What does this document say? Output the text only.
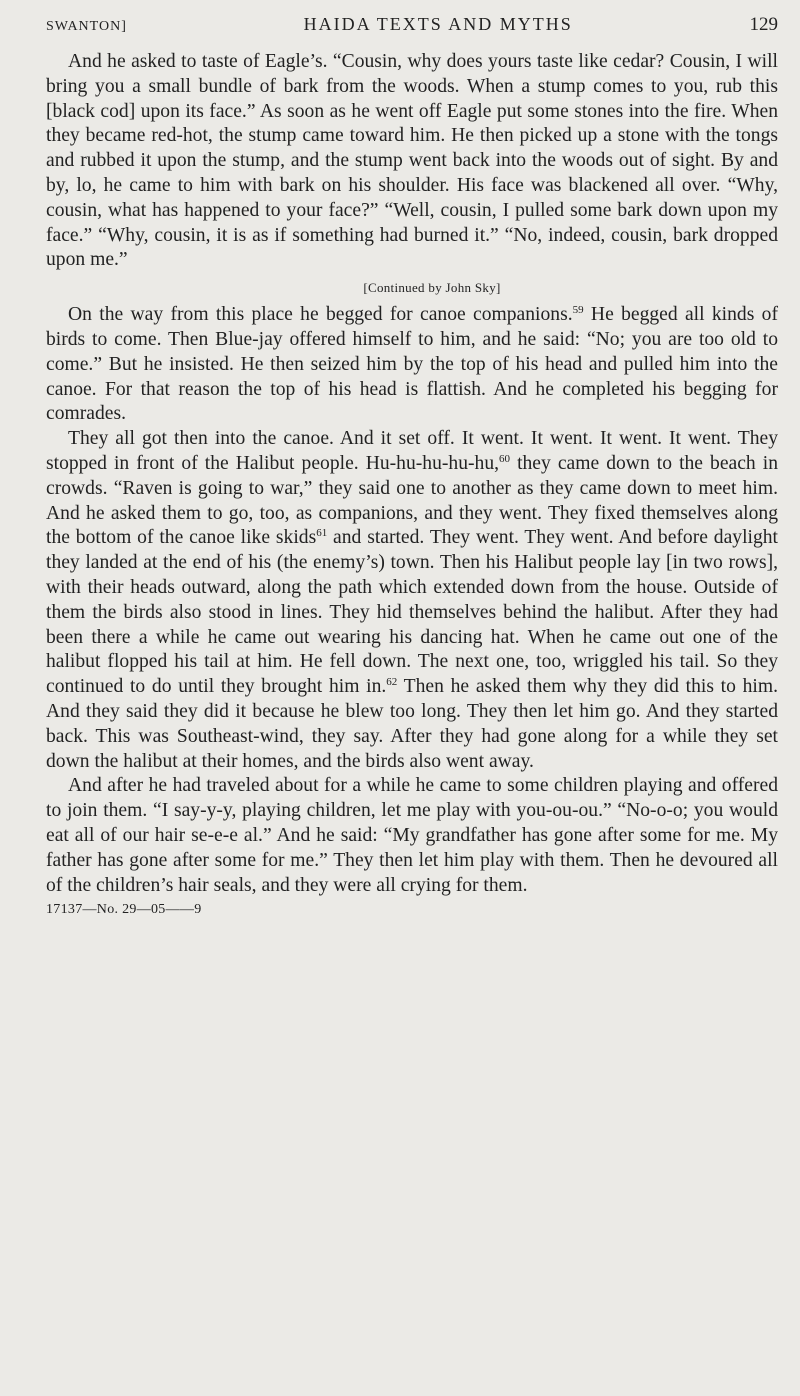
SWANTON]	HAIDA TEXTS AND MYTHS	129

And he asked to taste of Eagle’s. “Cousin, why does yours taste like cedar? Cousin, I will bring you a small bundle of bark from the woods. When a stump comes to you, rub this [black cod] upon its face.” As soon as he went off Eagle put some stones into the fire. When they became red-hot, the stump came toward him. He then picked up a stone with the tongs and rubbed it upon the stump, and the stump went back into the woods out of sight. By and by, lo, he came to him with bark on his shoulder. His face was blackened all over. “Why, cousin, what has happened to your face?” “Well, cousin, I pulled some bark down upon my face.” “Why, cousin, it is as if something had burned it.” “No, indeed, cousin, bark dropped upon me.”

[Continued by John Sky]

On the way from this place he begged for canoe companions.$^{59}$ He begged all kinds of birds to come. Then Blue-jay offered himself to him, and he said: “No; you are too old to come.” But he insisted. He then seized him by the top of his head and pulled him into the canoe. For that reason the top of his head is flattish. And he completed his begging for comrades.

They all got then into the canoe. And it set off. It went. It went. It went. It went. They stopped in front of the Halibut people. Hu-hu-hu-hu-hu,$^{60}$ they came down to the beach in crowds. “Raven is going to war,” they said one to another as they came down to meet him. And he asked them to go, too, as companions, and they went. They fixed themselves along the bottom of the canoe like skids$^{61}$ and started. They went. They went. And before daylight they landed at the end of his (the enemy’s) town. Then his Halibut people lay [in two rows], with their heads outward, along the path which extended down from the house. Outside of them the birds also stood in lines. They hid themselves behind the halibut. After they had been there a while he came out wearing his dancing hat. When he came out one of the halibut flopped his tail at him. He fell down. The next one, too, wriggled his tail. So they continued to do until they brought him in.$^{62}$ Then he asked them why they did this to him. And they said they did it because he blew too long. They then let him go. And they started back. This was Southeast-wind, they say. After they had gone along for a while they set down the halibut at their homes, and the birds also went away.

And after he had traveled about for a while he came to some children playing and offered to join them. “I say-y-y, playing children, let me play with you-ou-ou.” “No-o-o; you would eat all of our hair se-e-e al.” And he said: “My grandfather has gone after some for me. My father has gone after some for me.” They then let him play with them. Then he devoured all of the children’s hair seals, and they were all crying for them.

17137—No. 29—05——9
